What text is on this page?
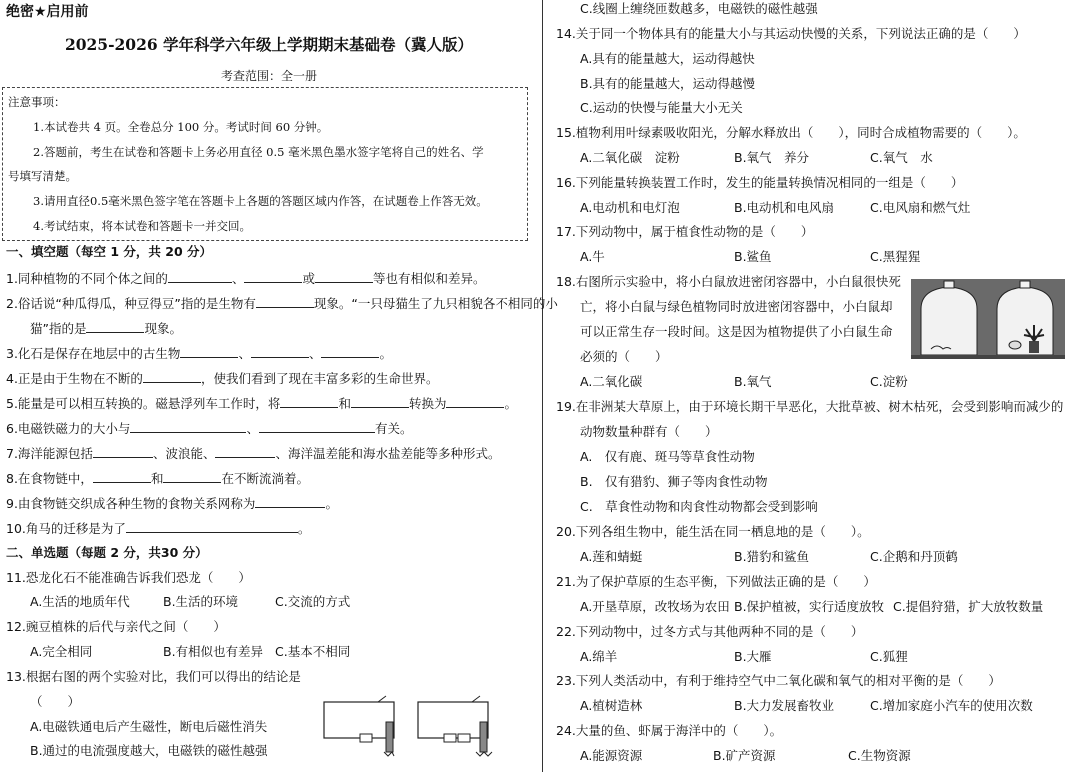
绝密★启用前
2025-2026 学年科学六年级上学期期末基础卷（冀人版）
考查范围：全一册
注意事项：
1.本试卷共 4 页。全卷总分 100 分。考试时间 60 分钟。
2.答题前，考生在试卷和答题卡上务必用直径 0.5 毫米黑色墨水签字笔将自己的姓名、学
号填写清楚。
3.请用直径0.5毫米黑色签字笔在答题卡上各题的答题区域内作答，在试题卷上作答无效。
4.考试结束，将本试卷和答题卡一并交回。
一、填空题（每空 1 分，共 20 分）
1.同种植物的不同个体之间的	、	或	等也有相似和差异。
2.俗话说“种瓜得瓜，种豆得豆”指的是生物有	现象。“一只母猫生了九只相貌各不相同的小
猫”指的是	现象。
3.化石是保存在地层中的古生物	、	、	。
4.正是由于生物在不断的	，使我们看到了现在丰富多彩的生命世界。
5.能量是可以相互转换的。磁悬浮列车工作时，将	和	转换为	。
6.电磁铁磁力的大小与	、	有关。
7.海洋能源包括	、波浪能、	、海洋温差能和海水盐差能等多种形式。
8.在食物链中，	和	在不断流淌着。
9.由食物链交织成各种生物的食物关系网称为	。
10.角马的迁移是为了	。
二、单选题（每题 2 分，共30 分）
11.恐龙化石不能准确告诉我们恐龙（　　）
A.生活的地质年代	B.生活的环境	C.交流的方式
12.豌豆植株的后代与亲代之间（　　）
A.完全相同	B.有相似也有差异 C.基本不相同
13.根据右图的两个实验对比，我们可以得出的结论是
（　　）
A.电磁铁通电后产生磁性，断电后磁性消失
B.通过的电流强度越大，电磁铁的磁性越强
C.线圈上缠绕匝数越多，电磁铁的磁性越强
14.关于同一个物体具有的能量大小与其运动快慢的关系，下列说法正确的是（　　）
A.具有的能量越大，运动得越快
B.具有的能量越大，运动得越慢
C.运动的快慢与能量大小无关
15.植物利用叶绿素吸收阳光，分解水释放出（　　），同时合成植物需要的（　　）。
A.二氧化碳　淀粉	B.氧气　养分	C.氧气　水
16.下列能量转换装置工作时，发生的能量转换情况相同的一组是（　　）
A.电动机和电灯泡	B.电动机和电风扇	C.电风扇和燃气灶
17.下列动物中，属于植食性动物的是（　　）
A.牛	B.鲨鱼	C.黑猩猩
18.右图所示实验中，将小白鼠放进密闭容器中，小白鼠很快死
亡，将小白鼠与绿色植物同时放进密闭容器中，小白鼠却
可以正常生存一段时间。这是因为植物提供了小白鼠生命
必须的（　　）
A.二氧化碳	B.氧气	C.淀粉
19.在非洲某大草原上，由于环境长期干旱恶化，大批草被、树木枯死，会受到影响而减少的
动物数量种群有（　　）
A.　仅有鹿、斑马等草食性动物
B.　仅有猎豹、狮子等肉食性动物
C.　草食性动物和肉食性动物都会受到影响
20.下列各组生物中，能生活在同一栖息地的是（　　）。
A.莲和蜻蜓	B.猎豹和鲨鱼	C.企鹅和丹顶鹤
21.为了保护草原的生态平衡，下列做法正确的是（　　）
A.开垦草原，改牧场为农田 B.保护植被，实行适度放牧 C.提倡狩猎，扩大放牧数量
22.下列动物中，过冬方式与其他两种不同的是（　　）
A.绵羊	B.大雁	C.狐狸
23.下列人类活动中，有利于维持空气中二氧化碳和氧气的相对平衡的是（　　）
A.植树造林	B.大力发展畜牧业	C.增加家庭小汽车的使用次数
24.大量的鱼、虾属于海洋中的（　　）。
A.能源资源	B.矿产资源	C.生物资源
